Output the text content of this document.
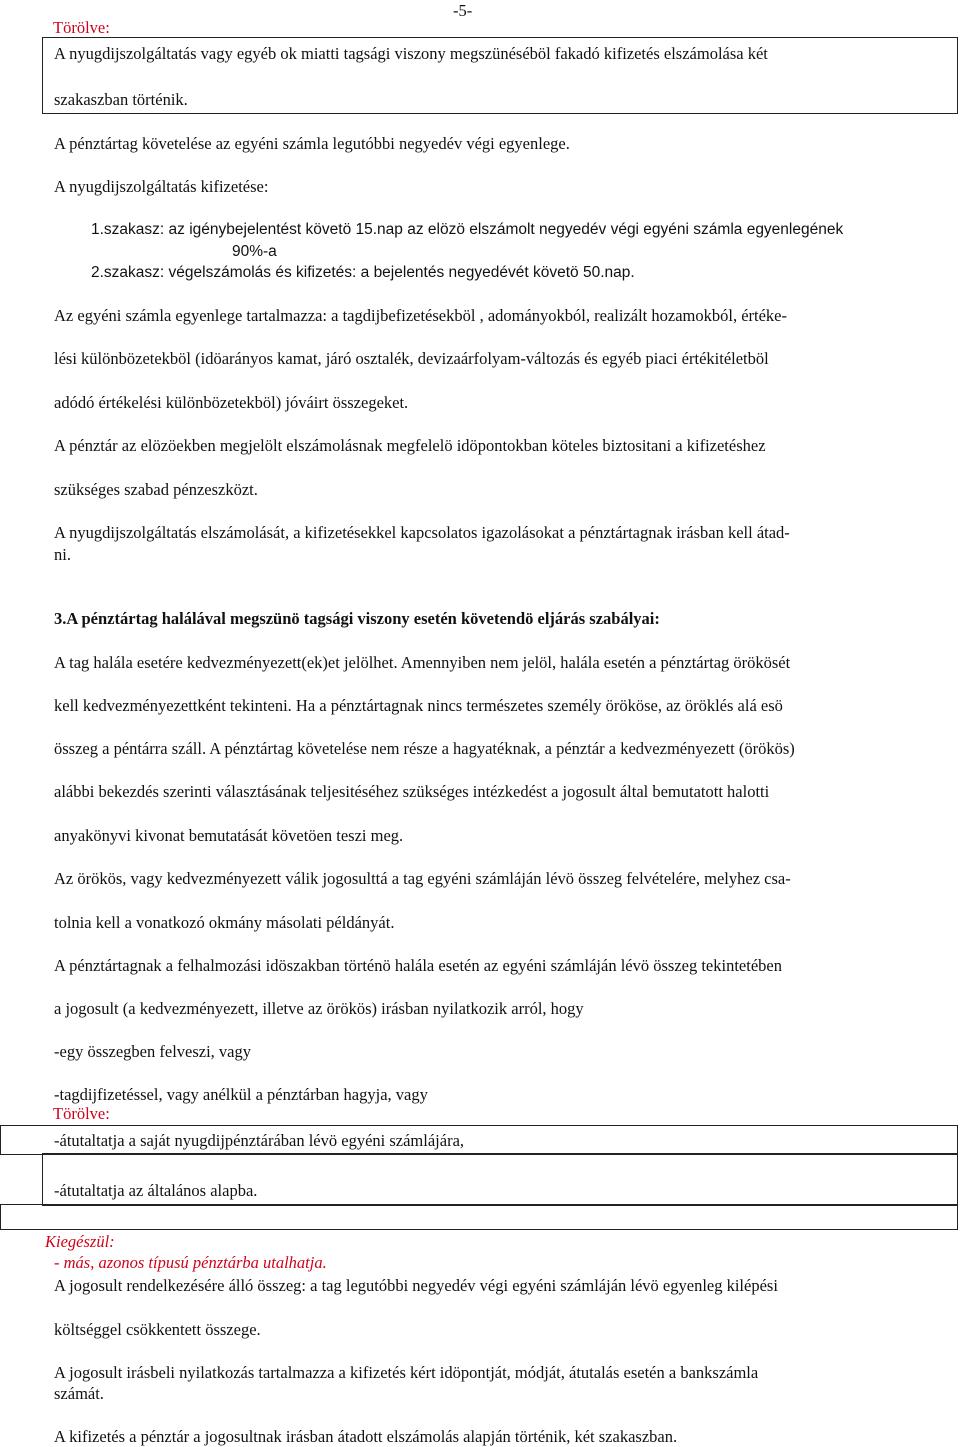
-5-
Törölve:
A nyugdijszolgáltatás vagy egyéb ok miatti tagsági viszony megszünéséböl fakadó kifizetés elszámolása két
szakaszban történik.
A pénztártag követelése az egyéni számla legutóbbi negyedév végi egyenlege.
A nyugdijszolgáltatás kifizetése:
1.szakasz: az igénybejelentést követö 15.nap az elözö elszámolt negyedév végi egyéni számla egyenlegének
90%-a
2.szakasz: végelszámolás és kifizetés: a bejelentés negyedévét követö 50.nap.
Az egyéni számla egyenlege tartalmazza: a tagdijbefizetésekböl , adományokból, realizált hozamokból, értéke-
lési különbözetekböl (idöarányos kamat, járó osztalék, devizaárfolyam-változás és egyéb piaci értékitéletböl
adódó értékelési különbözetekböl) jóváirt összegeket.
A pénztár az elözöekben megjelölt elszámolásnak megfelelö idöpontokban köteles biztositani a kifizetéshez
szükséges szabad pénzeszközt.
A nyugdijszolgáltatás elszámolását, a kifizetésekkel kapcsolatos igazolásokat a pénztártagnak irásban kell átad-
ni.
3.A pénztártag halálával megszünö tagsági viszony esetén követendö eljárás szabályai:
A tag halála esetére kedvezményezett(ek)et jelölhet. Amennyiben nem jelöl, halála esetén a pénztártag örökösét
kell kedvezményezettként tekinteni. Ha a pénztártagnak nincs természetes személy örököse, az öröklés alá esö
összeg a péntárra száll. A pénztártag követelése nem része a hagyatéknak, a pénztár a kedvezményezett (örökös)
alábbi bekezdés szerinti választásának teljesitéséhez szükséges intézkedést a jogosult által bemutatott halotti
anyakönyvi kivonat bemutatását követöen teszi meg.
Az örökös, vagy kedvezményezett válik jogosulttá a tag egyéni számláján lévö összeg felvételére, melyhez csa-
tolnia kell a vonatkozó okmány másolati példányát.
A pénztártagnak a felhalmozási idöszakban történö halála esetén az egyéni számláján lévö összeg tekintetében
a jogosult (a kedvezményezett, illetve az örökös) irásban nyilatkozik arról, hogy
-egy összegben felveszi, vagy
-tagdijfizetéssel, vagy anélkül a pénztárban hagyja, vagy
Törölve:
-átutaltatja a saját nyugdijpénztárában lévö egyéni számlájára,
-átutaltatja az általános alapba.
Kiegészül:
- más, azonos típusú pénztárba utalhatja.
A jogosult rendelkezésére álló összeg: a tag legutóbbi negyedév végi egyéni számláján lévö egyenleg kilépési
költséggel csökkentett összege.
A jogosult irásbeli nyilatkozás tartalmazza a kifizetés kért idöpontját, módját, átutalás esetén a bankszámla
számát.
A kifizetés a pénztár a jogosultnak irásban átadott elszámolás alapján történik, két szakaszban.
